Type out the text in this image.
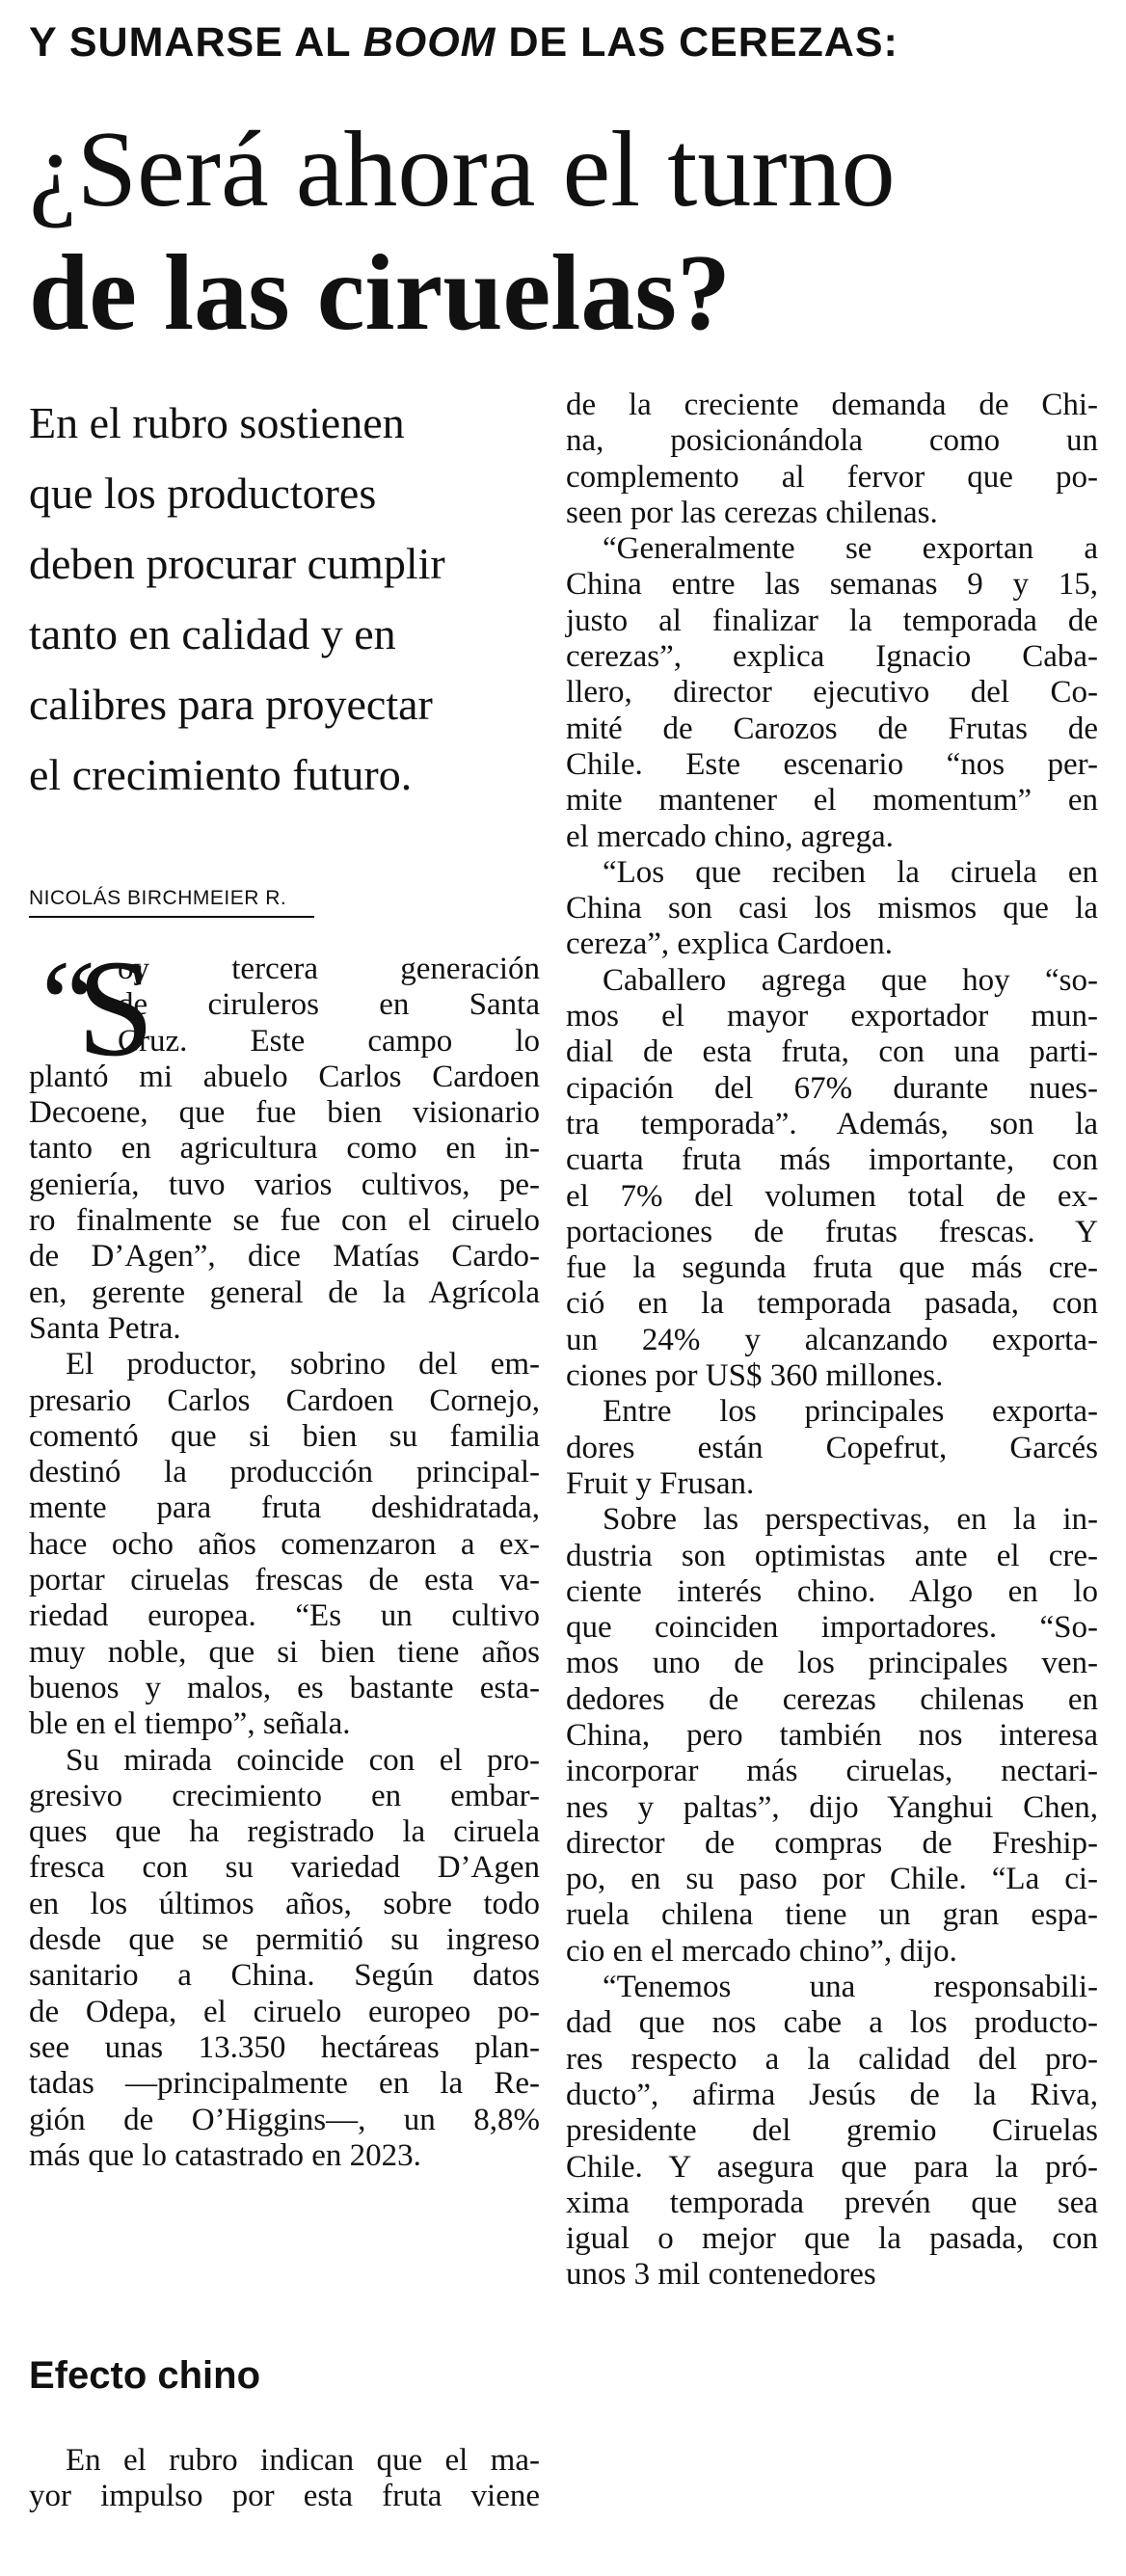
Y SUMARSE AL BOOM DE LAS CEREZAS:
¿Será ahora el turno
de las ciruelas?
En el rubro sostienen
que los productores
deben procurar cumplir
tanto en calidad y en
calibres para proyectar
el crecimiento futuro.
NICOLÁS BIRCHMEIER R.
“
S
oy tercera generación
de ciruleros en Santa
Cruz. Este campo lo
plantó mi abuelo Carlos Cardoen
Decoene, que fue bien visionario
tanto en agricultura como en in-
geniería, tuvo varios cultivos, pe-
ro finalmente se fue con el ciruelo
de D’Agen”, dice Matías Cardo-
en, gerente general de la Agrícola
Santa Petra.
El productor, sobrino del em-
presario Carlos Cardoen Cornejo,
comentó que si bien su familia
destinó la producción principal-
mente para fruta deshidratada,
hace ocho años comenzaron a ex-
portar ciruelas frescas de esta va-
riedad europea. “Es un cultivo
muy noble, que si bien tiene años
buenos y malos, es bastante esta-
ble en el tiempo”, señala.
Su mirada coincide con el pro-
gresivo crecimiento en embar-
ques que ha registrado la ciruela
fresca con su variedad D’Agen
en los últimos años, sobre todo
desde que se permitió su ingreso
sanitario a China. Según datos
de Odepa, el ciruelo europeo po-
see unas 13.350 hectáreas plan-
tadas —principalmente en la Re-
gión de O’Higgins—, un 8,8%
más que lo catastrado en 2023.
Efecto chino
En el rubro indican que el ma-
yor impulso por esta fruta viene
de la creciente demanda de Chi-
na, posicionándola como un
complemento al fervor que po-
seen por las cerezas chilenas.
“Generalmente se exportan a
China entre las semanas 9 y 15,
justo al finalizar la temporada de
cerezas”, explica Ignacio Caba-
llero, director ejecutivo del Co-
mité de Carozos de Frutas de
Chile. Este escenario “nos per-
mite mantener el momentum” en
el mercado chino, agrega.
“Los que reciben la ciruela en
China son casi los mismos que la
cereza”, explica Cardoen.
Caballero agrega que hoy “so-
mos el mayor exportador mun-
dial de esta fruta, con una parti-
cipación del 67% durante nues-
tra temporada”. Además, son la
cuarta fruta más importante, con
el 7% del volumen total de ex-
portaciones de frutas frescas. Y
fue la segunda fruta que más cre-
ció en la temporada pasada, con
un 24% y alcanzando exporta-
ciones por US$ 360 millones.
Entre los principales exporta-
dores están Copefrut, Garcés
Fruit y Frusan.
Sobre las perspectivas, en la in-
dustria son optimistas ante el cre-
ciente interés chino. Algo en lo
que coinciden importadores. “So-
mos uno de los principales ven-
dedores de cerezas chilenas en
China, pero también nos interesa
incorporar más ciruelas, nectari-
nes y paltas”, dijo Yanghui Chen,
director de compras de Freship-
po, en su paso por Chile. “La ci-
ruela chilena tiene un gran espa-
cio en el mercado chino”, dijo.
“Tenemos una responsabili-
dad que nos cabe a los producto-
res respecto a la calidad del pro-
ducto”, afirma Jesús de la Riva,
presidente del gremio Ciruelas
Chile. Y asegura que para la pró-
xima temporada prevén que sea
igual o mejor que la pasada, con
unos 3 mil contenedores
